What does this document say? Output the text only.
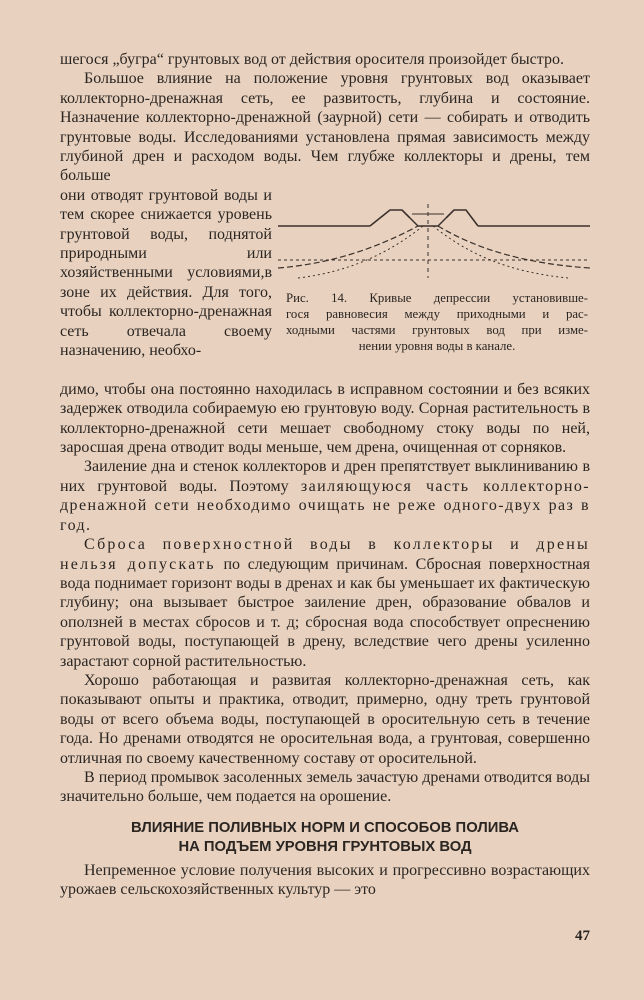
шегося „бугра“ грунтовых вод от действия оросителя произойдет быстро.

Большое влияние на положение уровня грунтовых вод оказывает коллекторно-дренажная сеть, ее развитость, глубина и состояние. Назначение коллекторно-дренажной (заурной) сети — собирать и отводить грунтовые воды. Исследованиями установлена прямая зависимость между глубиной дрен и расходом воды. Чем глубже коллекторы и дрены, тем больше

они отводят грунтовой воды и тем скорее снижается уровень грунтовой воды, поднятой природными или хозяйственными условиями,в зоне их действия. Для того, чтобы коллекторно-дренажная сеть отвечала своему назначению, необхо-
Рис. 14. Кривые депрессии установивше-
гося равновесия между приходными и рас-
ходными частями грунтовых вод при изме-
нении уровня воды в канале.

димо, чтобы она постоянно находилась в исправном состоянии и без всяких задержек отводила собираемую ею грунтовую воду. Сорная растительность в коллекторно-дренажной сети мешает свободному стоку воды по ней, заросшая дрена отводит воды меньше, чем дрена, очищенная от сорняков.

Заиление дна и стенок коллекторов и дрен препятствует выклиниванию в них грунтовой воды. Поэтому заиляющуюся часть коллекторно-дренажной сети необходимо очищать не реже одного-двух раз в год.

Сброса поверхностной воды в коллекторы и дрены нельзя допускать по следующим причинам. Сбросная поверхностная вода поднимает горизонт воды в дренах и как бы уменьшает их фактическую глубину; она вызывает быстрое заиление дрен, образование обвалов и оползней в местах сбросов и т. д; сбросная вода способствует опреснению грунтовой воды, поступающей в дрену, вследствие чего дрены усиленно зарастают сорной растительностью.

Хорошо работающая и развитая коллекторно-дренажная сеть, как показывают опыты и практика, отводит, примерно, одну треть грунтовой воды от всего объема воды, поступающей в оросительную сеть в течение года. Но дренами отводятся не оросительная вода, а грунтовая, совершенно отличная по своему качественному составу от оросительной.

В период промывок засоленных земель зачастую дренами отводится воды значительно больше, чем подается на орошение.

ВЛИЯНИЕ ПОЛИВНЫХ НОРМ И СПОСОБОВ ПОЛИВА
НА ПОДЪЕМ УРОВНЯ ГРУНТОВЫХ ВОД

Непременное условие получения высоких и прогрессивно возрастающих урожаев сельскохозяйственных культур — это

47
